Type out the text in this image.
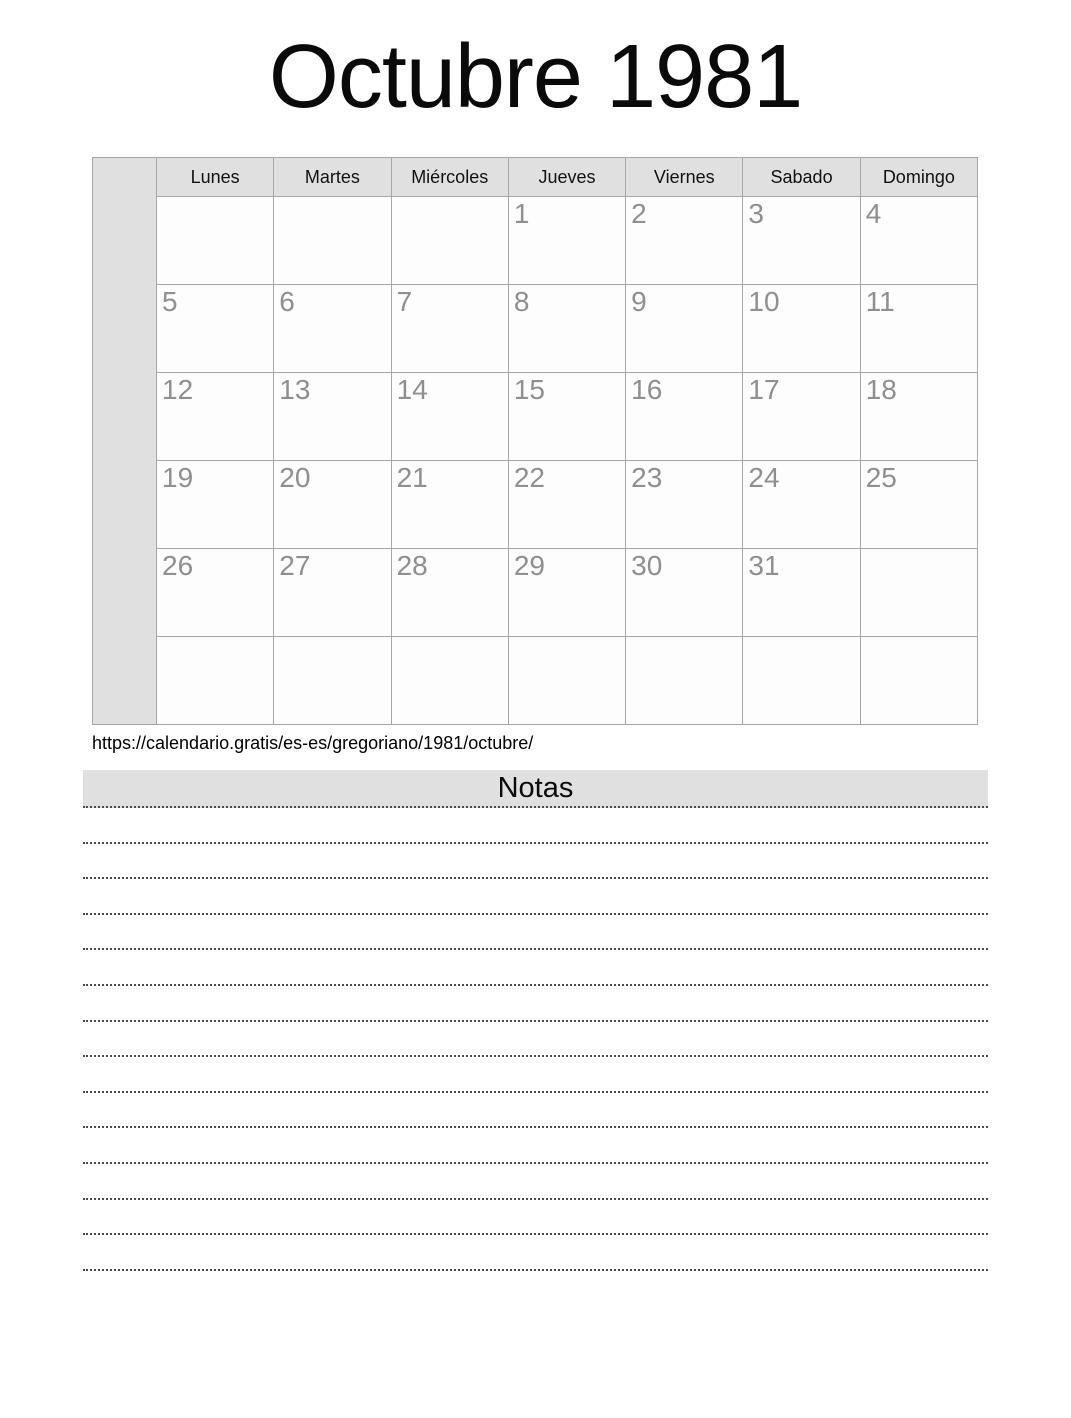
Octubre 1981
	Lunes	Martes	Miércoles	Jueves	Viernes	Sabado	Domingo
				1	2	3	4
	5	6	7	8	9	10	11
	12	13	14	15	16	17	18
	19	20	21	22	23	24	25
	26	27	28	29	30	31	

https://calendario.gratis/es-es/gregoriano/1981/octubre/
Notas
